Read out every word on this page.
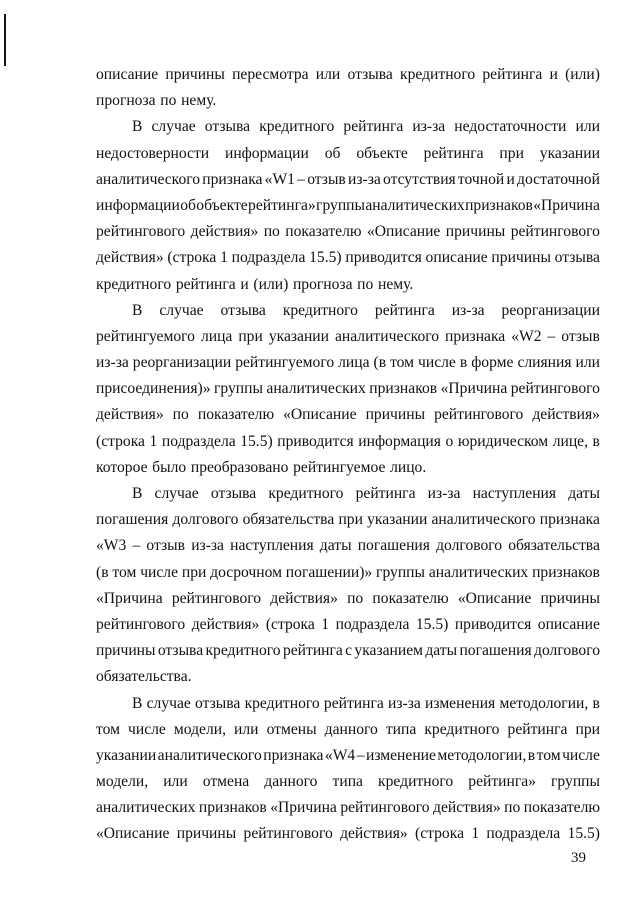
описание причины пересмотра или отзыва кредитного рейтинга и (или)
прогноза по нему.
В случае отзыва кредитного рейтинга из-за недостаточности или
недостоверности информации об объекте рейтинга при указании
аналитического признака «W1 – отзыв из-за отсутствия точной и достаточной
информации об объекте рейтинга» группы аналитических признаков «Причина
рейтингового действия» по показателю «Описание причины рейтингового
действия» (строка 1 подраздела 15.5) приводится описание причины отзыва
кредитного рейтинга и (или) прогноза по нему.
В случае отзыва кредитного рейтинга из-за реорганизации
рейтингуемого лица при указании аналитического признака «W2 – отзыв
из-за реорганизации рейтингуемого лица (в том числе в форме слияния или
присоединения)» группы аналитических признаков «Причина рейтингового
действия» по показателю «Описание причины рейтингового действия»
(строка 1 подраздела 15.5) приводится информация о юридическом лице, в
которое было преобразовано рейтингуемое лицо.
В случае отзыва кредитного рейтинга из-за наступления даты
погашения долгового обязательства при указании аналитического признака
«W3 – отзыв из-за наступления даты погашения долгового обязательства
(в том числе при досрочном погашении)» группы аналитических признаков
«Причина рейтингового действия» по показателю «Описание причины
рейтингового действия» (строка 1 подраздела 15.5) приводится описание
причины отзыва кредитного рейтинга с указанием даты погашения долгового
обязательства.
В случае отзыва кредитного рейтинга из-за изменения методологии, в
том числе модели, или отмены данного типа кредитного рейтинга при
указании аналитического признака «W4 – изменение методологии, в том числе
модели, или отмена данного типа кредитного рейтинга» группы
аналитических признаков «Причина рейтингового действия» по показателю
«Описание причины рейтингового действия» (строка 1 подраздела 15.5)
39
